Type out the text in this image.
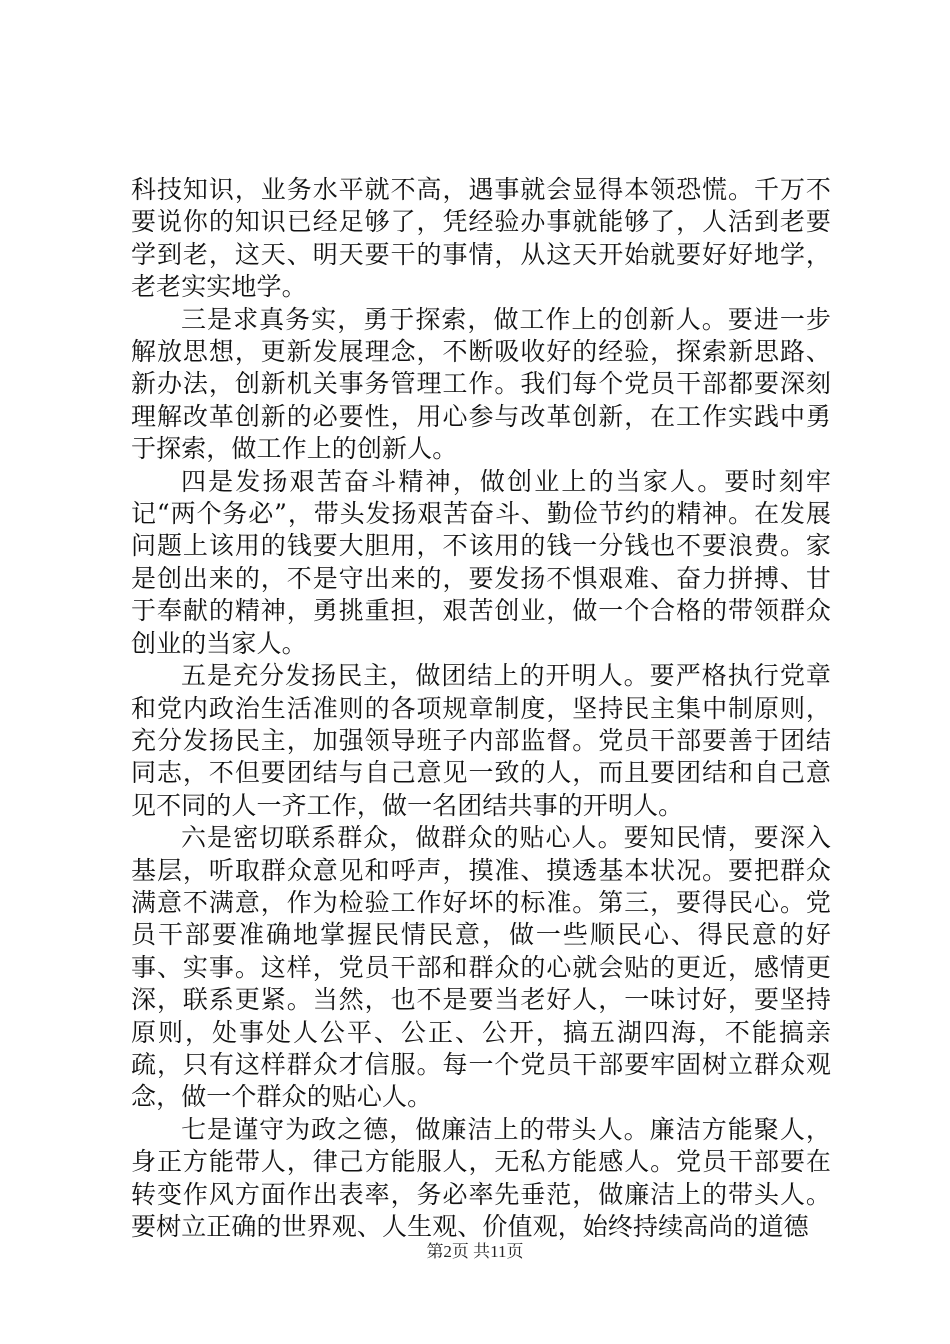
科技知识，业务水平就不高，遇事就会显得本领恐慌。千万不要说你的知识已经足够了，凭经验办事就能够了，人活到老要学到老，这天、明天要干的事情，从这天开始就要好好地学，老老实实地学。

三是求真务实，勇于探索，做工作上的创新人。要进一步解放思想，更新发展理念，不断吸收好的经验，探索新思路、新办法，创新机关事务管理工作。我们每个党员干部都要深刻理解改革创新的必要性，用心参与改革创新，在工作实践中勇于探索，做工作上的创新人。

四是发扬艰苦奋斗精神，做创业上的当家人。要时刻牢记“两个务必”，带头发扬艰苦奋斗、勤俭节约的精神。在发展问题上该用的钱要大胆用，不该用的钱一分钱也不要浪费。家是创出来的，不是守出来的，要发扬不惧艰难、奋力拼搏、甘于奉献的精神，勇挑重担，艰苦创业，做一个合格的带领群众创业的当家人。

五是充分发扬民主，做团结上的开明人。要严格执行党章和党内政治生活准则的各项规章制度，坚持民主集中制原则，充分发扬民主，加强领导班子内部监督。党员干部要善于团结同志，不但要团结与自己意见一致的人，而且要团结和自己意见不同的人一齐工作，做一名团结共事的开明人。

六是密切联系群众，做群众的贴心人。要知民情，要深入基层，听取群众意见和呼声，摸准、摸透基本状况。要把群众满意不满意，作为检验工作好坏的标准。第三，要得民心。党员干部要准确地掌握民情民意，做一些顺民心、得民意的好事、实事。这样，党员干部和群众的心就会贴的更近，感情更深，联系更紧。当然，也不是要当老好人，一味讨好，要坚持原则，处事处人公平、公正、公开，搞五湖四海，不能搞亲疏，只有这样群众才信服。每一个党员干部要牢固树立群众观念，做一个群众的贴心人。

七是谨守为政之德，做廉洁上的带头人。廉洁方能聚人，身正方能带人，律己方能服人，无私方能感人。党员干部要在转变作风方面作出表率，务必率先垂范，做廉洁上的带头人。要树立正确的世界观、人生观、价值观，始终持续高尚的道德

第2页 共11页
